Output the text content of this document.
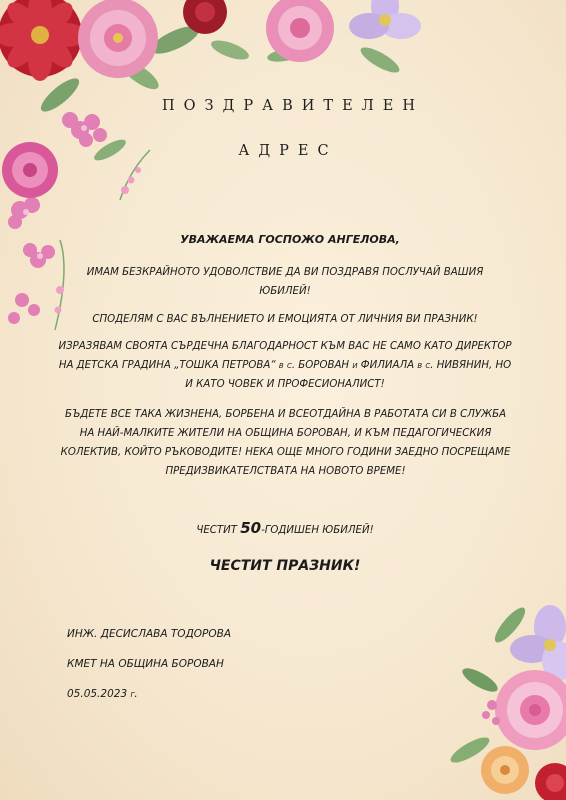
ПОЗДРАВИТЕЛЕН
АДРЕС
УВАЖАЕМА ГОСПОЖО АНГЕЛОВА,
ИМАМ БЕЗКРАЙНОТО УДОВОЛСТВИЕ ДА ВИ ПОЗДРАВЯ ПОСЛУЧАЙ ВАШИЯ ЮБИЛЕЙ!
СПОДЕЛЯМ С ВАС ВЪЛНЕНИЕТО И ЕМОЦИЯТА ОТ ЛИЧНИЯ ВИ ПРАЗНИК!
ИЗРАЗЯВАМ СВОЯТА СЪРДЕЧНА БЛАГОДАРНОСТ КЪМ ВАС НЕ САМО КАТО ДИРЕКТОР НА ДЕТСКА ГРАДИНА „ТОШКА ПЕТРОВА“ в с. БОРОВАН и ФИЛИАЛА в с. НИВЯНИН, НО И КАТО ЧОВЕК И ПРОФЕСИОНАЛИСТ!
БЪДЕТЕ ВСЕ ТАКА ЖИЗНЕНА, БОРБЕНА И ВСЕОТДАЙНА В РАБОТАТА СИ В СЛУЖБА НА НАЙ-МАЛКИТЕ ЖИТЕЛИ НА ОБЩИНА БОРОВАН, И КЪМ ПЕДАГОГИЧЕСКИЯ КОЛЕКТИВ, КОЙТО РЪКОВОДИТЕ! НЕКА ОЩЕ МНОГО ГОДИНИ ЗАЕДНО ПОСРЕЩАМЕ ПРЕДИЗВИКАТЕЛСТВАТА НА НОВОТО ВРЕМЕ!
ЧЕСТИТ 50-ГОДИШЕН ЮБИЛЕЙ!
ЧЕСТИТ ПРАЗНИК!
ИНЖ. ДЕСИСЛАВА ТОДОРОВА
КМЕТ НА ОБЩИНА БОРОВАН
05.05.2023 г.
